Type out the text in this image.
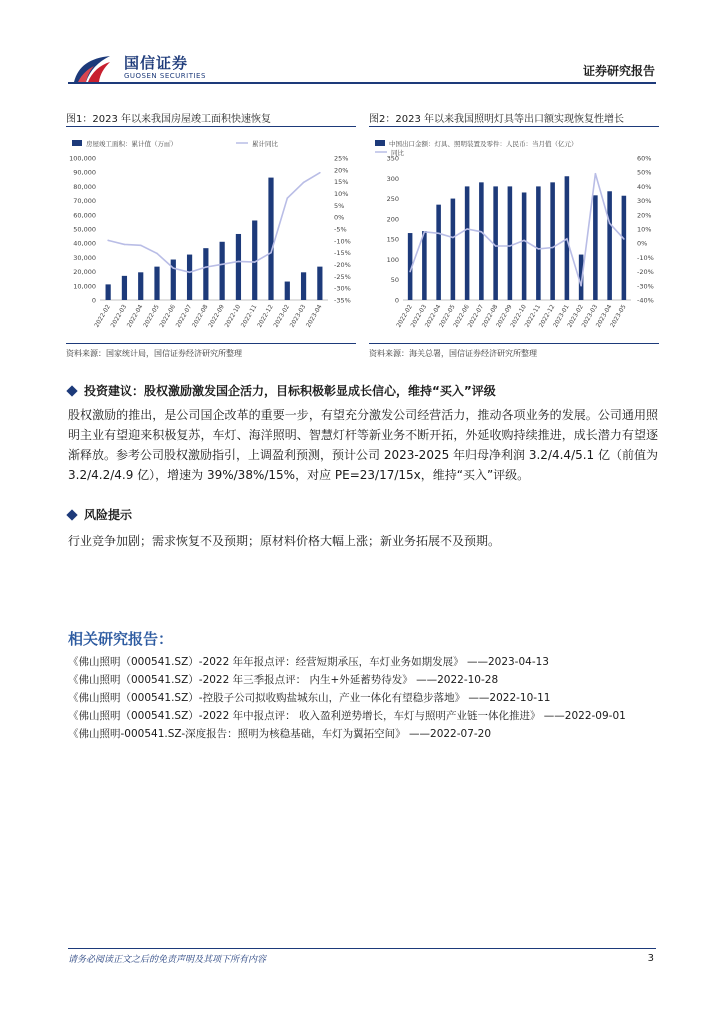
国信证券
GUOSEN SECURITIES	证券研究报告
图1：2023 年以来我国房屋竣工面积快速恢复
房屋竣工面积：累计值（万㎡）	累计同比
100,000
90,000
80,000
70,000
60,000
50,000
40,000
30,000
20,000
10,000
0
25%
20%
15%
10%
5%
0%
-5%
-10%
-15%
-20%
-25%
-30%
-35%
2022-02
2022-03
2022-04
2022-05
2022-06
2022-07
2022-08
2022-09
2022-10
2022-11
2022-12
2023-02
2023-03
2023-04
资料来源：国家统计局，国信证券经济研究所整理
图2：2023 年以来我国照明灯具等出口额实现恢复性增长
中国出口金额：灯具、照明装置及零件：人民币：当月值（亿元）
同比
350
300
250
200
150
100
50
0
60%
50%
40%
30%
20%
10%
0%
-10%
-20%
-30%
-40%
2022-02
2022-03
2022-04
2022-05
2022-06
2022-07
2022-08
2022-09
2022-10
2022-11
2022-12
2023-01
2023-02
2023-03
2023-04
2023-05
资料来源：海关总署，国信证券经济研究所整理
投资建议：股权激励激发国企活力，目标积极彰显成长信心，维持“买入”评级
股权激励的推出，是公司国企改革的重要一步，有望充分激发公司经营活力，推动各项业务的发展。公司通用照明主业有望迎来积极复苏，车灯、海洋照明、智慧灯杆等新业务不断开拓，外延收购持续推进，成长潜力有望逐渐释放。参考公司股权激励指引，上调盈利预测，预计公司 2023-2025 年归母净利润 3.2/4.4/5.1 亿（前值为 3.2/4.2/4.9 亿），增速为 39%/38%/15%，对应 PE=23/17/15x，维持“买入”评级。
风险提示
行业竞争加剧；需求恢复不及预期；原材料价格大幅上涨；新业务拓展不及预期。
相关研究报告：
《佛山照明（000541.SZ）-2022 年年报点评：经营短期承压，车灯业务如期发展》 ——2023-04-13
《佛山照明（000541.SZ）-2022 年三季报点评： 内生+外延蓄势待发》 ——2022-10-28
《佛山照明（000541.SZ）-控股子公司拟收购盐城东山，产业一体化有望稳步落地》 ——2022-10-11
《佛山照明（000541.SZ）-2022 年中报点评： 收入盈利逆势增长，车灯与照明产业链一体化推进》 ——2022-09-01
《佛山照明-000541.SZ-深度报告：照明为核稳基础，车灯为翼拓空间》 ——2022-07-20
请务必阅读正文之后的免责声明及其项下所有内容	3
